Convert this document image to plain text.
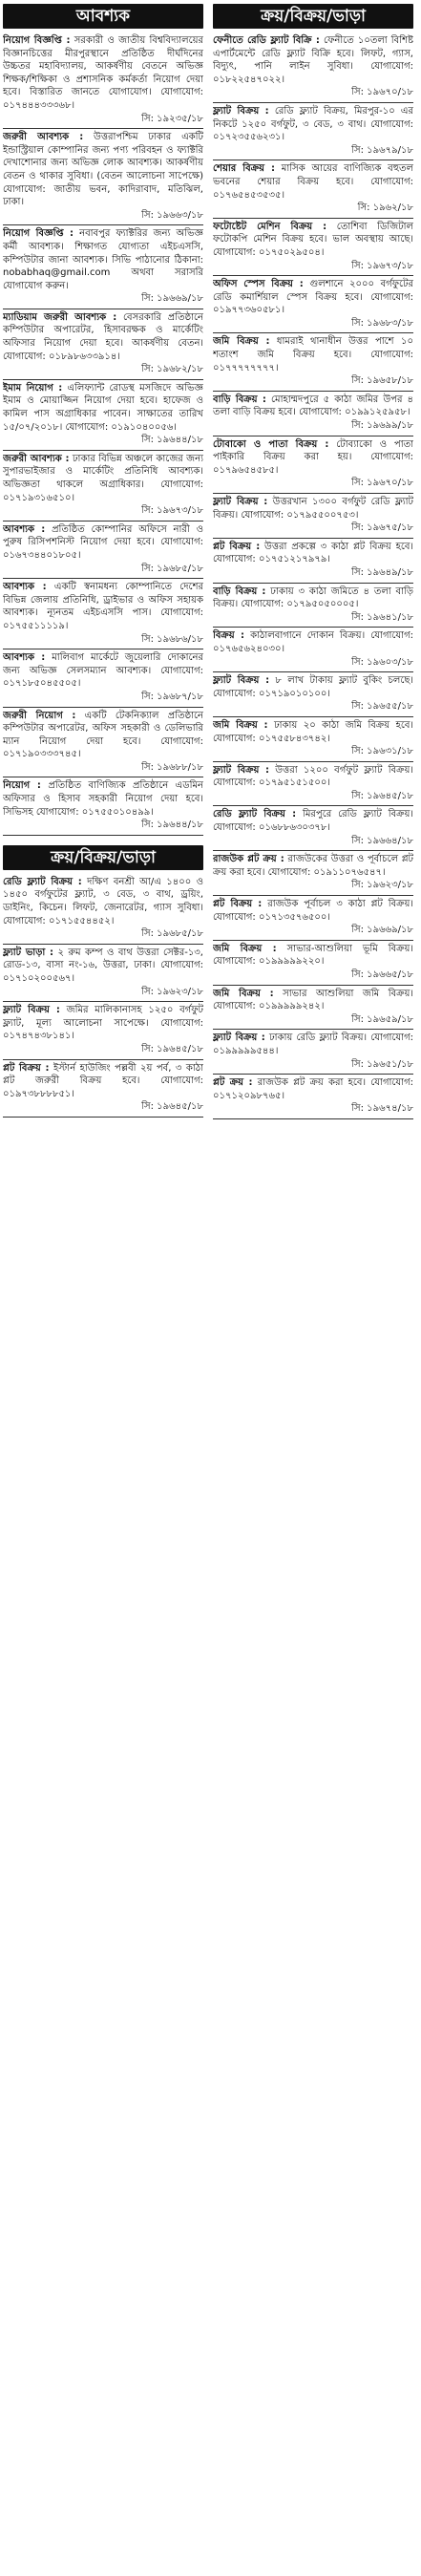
আবশ্যক
নিয়োগ বিজ্ঞপ্তি : সরকারী ও জাতীয় বিশ্ববিদ্যালয়ের বিজ্ঞানচিত্তের মীরপুরস্থানে প্রতিষ্ঠিত দীর্ঘদিনের উচ্চতর মহাবিদ্যালয়, আকর্ষণীয় বেতনে অভিজ্ঞ শিক্ষক/শিক্ষিকা ও প্রশাসনিক কর্মকর্তা নিয়োগ দেয়া হবে। বিস্তারিত জানতে যোগাযোগ। যোগাযোগ: ০১৭৪৪৪৩৩৩৬৮।
সি: ১৯২৩৫/১৮
জরুরী আবশ্যক : উত্তরাপশ্চিম ঢাকার একটি ইন্ডাস্ট্রিয়াল কোম্পানির জন্য পণ্য পরিবহন ও ফ্যাক্টরি দেখাশোনার জন্য অভিজ্ঞ লোক আবশ্যক। আকর্ষণীয় বেতন ও থাকার সুবিধা। (বেতন আলোচনা সাপেক্ষে) যোগাযোগ: জাতীয় ভবন, কাদিরাবাদ, মতিঝিল, ঢাকা।
সি: ১৯৬৬৩/১৮
নিয়োগ বিজ্ঞপ্তি : নবাবপুর ফ্যাক্টরির জন্য অভিজ্ঞ কর্মী আবশ্যক। শিক্ষাগত যোগ্যতা এইচএসসি, কম্পিউটার জানা আবশ্যক। সিভি পাঠানোর ঠিকানা: nobabhaq@gmail.com অথবা সরাসরি যোগাযোগ করুন।
সি: ১৯৬৬৯/১৮
ম্যাডিয়াম জরুরী আবশ্যক : বেসরকারি প্রতিষ্ঠানে কম্পিউটার অপারেটর, হিসাবরক্ষক ও মার্কেটিং অফিসার নিয়োগ দেয়া হবে। আকর্ষণীয় বেতন। যোগাযোগ: ০১৮৯৮৬৩৩৯১৪।
সি: ১৯৬৮২/১৮
ইমাম নিয়োগ : এলিফ্যান্ট রোডস্থ মসজিদে অভিজ্ঞ ইমাম ও মোয়াজ্জিন নিয়োগ দেয়া হবে। হাফেজ ও কামিল পাস অগ্রাধিকার পাবেন। সাক্ষাতের তারিখ ১৫/০৭/২০১৮। যোগাযোগ: ০১৯১০৪০০৫৬।
সি: ১৯৬৪৪/১৮
জরুরী আবশ্যক : ঢাকার বিভিন্ন অঞ্চলে কাজের জন্য সুপারভাইজার ও মার্কেটিং প্রতিনিধি আবশ্যক। অভিজ্ঞতা থাকলে অগ্রাধিকার। যোগাযোগ: ০১৭১৯৩১৬৫১০।
সি: ১৯৬৭৩/১৮
আবশ্যক : প্রতিষ্ঠিত কোম্পানির অফিসে নারী ও পুরুষ রিসিপশনিস্ট নিয়োগ দেয়া হবে। যোগাযোগ: ০১৬৭৩৪৪০১৮০৫।
সি: ১৯৬৮৫/১৮
আবশ্যক : একটি স্বনামধন্য কোম্পানিতে দেশের বিভিন্ন জেলায় প্রতিনিধি, ড্রাইভার ও অফিস সহায়ক আবশ্যক। ন্যূনতম এইচএসসি পাস। যোগাযোগ: ০১৭৫৫১১১১৯।
সি: ১৯৬৮৬/১৮
আবশ্যক : মালিবাগ মার্কেটে জুয়েলারি দোকানের জন্য অভিজ্ঞ সেলসম্যান আবশ্যক। যোগাযোগ: ০১৭১৮৫০৪৫৫০৫।
সি: ১৯৬৮৭/১৮
জরুরী নিয়োগ : একটি টেকনিক্যাল প্রতিষ্ঠানে কম্পিউটার অপারেটর, অফিস সহকারী ও ডেলিভারি ম্যান নিয়োগ দেয়া হবে। যোগাযোগ: ০১৭১৯০৩৩৩৭৪৫।
সি: ১৯৬৮৮/১৮
নিয়োগ : প্রতিষ্ঠিত বাণিজ্যিক প্রতিষ্ঠানে এডমিন অফিসার ও হিসাব সহকারী নিয়োগ দেয়া হবে। সিভিসহ যোগাযোগ: ০১৭৫৫০১০৪৯৯।
সি: ১৯৬৪৪/১৮
ক্রয়/বিক্রয়/ভাড়া
রেডি ফ্ল্যাট বিক্রয় : দক্ষিণ বনশ্রী আ/এ ১৪০০ ও ১৪৫০ বর্গফুটের ফ্ল্যাট, ৩ বেড, ৩ বাথ, ড্রয়িং, ডাইনিং, কিচেন। লিফট, জেনারেটর, গ্যাস সুবিধা। যোগাযোগ: ০১৭১৫৫৪৪৫২।
সি: ১৯৬৮৫/১৮
ফ্ল্যাট ভাড়া : ২ রুম কম্প ও বাথ উত্তরা সেক্টর-১৩, রোড-১৩, বাসা নং-১৬, উত্তরা, ঢাকা। যোগাযোগ: ০১৭১০২০০৫৬৭।
সি: ১৯৬২৩/১৮
ফ্ল্যাট বিক্রয় : জমির মালিকানাসহ ১২৫০ বর্গফুট ফ্ল্যাট, মূল্য আলোচনা সাপেক্ষে। যোগাযোগ: ০১৭৪৭৪৩৮১৪১।
সি: ১৯৬৪৫/১৮
প্লট বিক্রয় : ইস্টার্ন হাউজিং পল্লবী ২য় পর্ব, ৩ কাঠা প্লট জরুরী বিক্রয় হবে। যোগাযোগ: ০১৯৭৩৮৮৮৮৫১।
সি: ১৯৬৪৫/১৮
ক্রয়/বিক্রয়/ভাড়া
ফেনীতে রেডি ফ্ল্যাট বিক্রি : ফেনীতে ১০তলা বিশিষ্ট এপার্টমেন্টে রেডি ফ্ল্যাট বিক্রি হবে। লিফট, গ্যাস, বিদ্যুৎ, পানি লাইন সুবিধা। যোগাযোগ: ০১৮২২৫৪৭০২২।
সি: ১৯৬৭০/১৮
ফ্ল্যাট বিক্রয় : রেডি ফ্ল্যাট বিক্রয়, মিরপুর-১০ এর নিকটে ১২৫০ বর্গফুট, ৩ বেড, ৩ বাথ। যোগাযোগ: ০১৭২৩৫৫৬২৩১।
সি: ১৯৬৭৯/১৮
শেয়ার বিক্রয় : মাসিক আয়ের বাণিজ্যিক বহুতল ভবনের শেয়ার বিক্রয় হবে। যোগাযোগ: ০১৭৬৫৪৫৩৫৩৫।
সি: ১৯৬২/১৮
ফটোষ্টেট মেশিন বিক্রয় : তোশিবা ডিজিটাল ফটোকপি মেশিন বিক্রয় হবে। ভাল অবস্থায় আছে। যোগাযোগ: ০১৭৫০২৯৫০৪।
সি: ১৯৬৭৩/১৮
অফিস স্পেস বিক্রয় : গুলশানে ২০০০ বর্গফুটের রেডি কমার্শিয়াল স্পেস বিক্রয় হবে। যোগাযোগ: ০১৯৭৭৩৬০৫৮১।
সি: ১৯৬৮৩/১৮
জমি বিক্রয় : ধামরাই থানাধীন উত্তর পাশে ১০ শতাংশ জমি বিক্রয় হবে। যোগাযোগ: ০১৭৭৭৭৭৭৭৭।
সি: ১৯৬৫৮/১৮
বাড়ি বিক্রয় : মোহাম্মদপুরে ৫ কাঠা জমির উপর ৪ তলা বাড়ি বিক্রয় হবে। যোগাযোগ: ০১৯৯১২৫৯৫৮।
সি: ১৯৬৯৯/১৮
টোবাকো ও পাতা বিক্রয় : টোব্যাকো ও পাতা পাইকারি বিক্রয় করা হয়। যোগাযোগ: ০১৭৯৬৫৪৫৮৫।
সি: ১৯৬৭০/১৮
ফ্ল্যাট বিক্রয় : উত্তরখান ১৩০০ বর্গফুট রেডি ফ্ল্যাট বিক্রয়। যোগাযোগ: ০১৭৯৫৫০০৭৫৩।
সি: ১৯৬৭৫/১৮
প্লট বিক্রয় : উত্তরা প্রকল্পে ৩ কাঠা প্লট বিক্রয় হবে। যোগাযোগ: ০১৭৫১২১৭৯৭৯।
সি: ১৯৬৪৯/১৮
বাড়ি বিক্রয় : ঢাকায় ৩ কাঠা জমিতে ৪ তলা বাড়ি বিক্রয়। যোগাযোগ: ০১৭৯৫০৫০০০৫।
সি: ১৯৬৪১/১৮
বিক্রয় : কাঠালবাগানে দোকান বিক্রয়। যোগাযোগ: ০১৭৬৫৬২৪০৩০।
সি: ১৯৬০৩/১৮
ফ্ল্যাট বিক্রয় : ৮ লাখ টাকায় ফ্ল্যাট বুকিং চলছে। যোগাযোগ: ০১৭১৯০১০১০০।
সি: ১৯৬৫৫/১৮
জমি বিক্রয় : ঢাকায় ২০ কাঠা জমি বিক্রয় হবে। যোগাযোগ: ০১৭৫৫৮৪৩৭৪২।
সি: ১৯৬৩১/১৮
ফ্ল্যাট বিক্রয় : উত্তরা ১২০০ বর্গফুট ফ্ল্যাট বিক্রয়। যোগাযোগ: ০১৭৯৫১৫১৫০০।
সি: ১৯৬৪৫/১৮
রেডি ফ্ল্যাট বিক্রয় : মিরপুরে রেডি ফ্ল্যাট বিক্রয়। যোগাযোগ: ০১৬৮৮৬৩০৩৭৮।
সি: ১৯৬৬৪/১৮
রাজউক প্লট ক্রয় : রাজউকের উত্তরা ও পূর্বাচলে প্লট ক্রয় করা হবে। যোগাযোগ: ০১৯১১০৭৬৫৪৭।
সি: ১৯৬২৩/১৮
প্লট বিক্রয় : রাজউক পূর্বাচল ৩ কাঠা প্লট বিক্রয়। যোগাযোগ: ০১৭১৩৫৭৬৫০০।
সি: ১৯৬৬৯/১৮
জমি বিক্রয় : সাভার-আশুলিয়া ভূমি বিক্রয়। যোগাযোগ: ০১৯৯৯৯৯২২০।
সি: ১৯৬৬৫/১৮
জমি বিক্রয় : সাভার আশুলিয়া জমি বিক্রয়। যোগাযোগ: ০১৯৯৯৯৯২৪২।
সি: ১৯৬৫৯/১৮
ফ্ল্যাট বিক্রয় : ঢাকায় রেডি ফ্ল্যাট বিক্রয়। যোগাযোগ: ০১৯৯৯৯৯৫৪৪।
সি: ১৯৬৫১/১৮
প্লট ক্রয় : রাজউক প্লট ক্রয় করা হবে। যোগাযোগ: ০১৭১২০৯৮৭৬৫।
সি: ১৯৬৭৪/১৮
